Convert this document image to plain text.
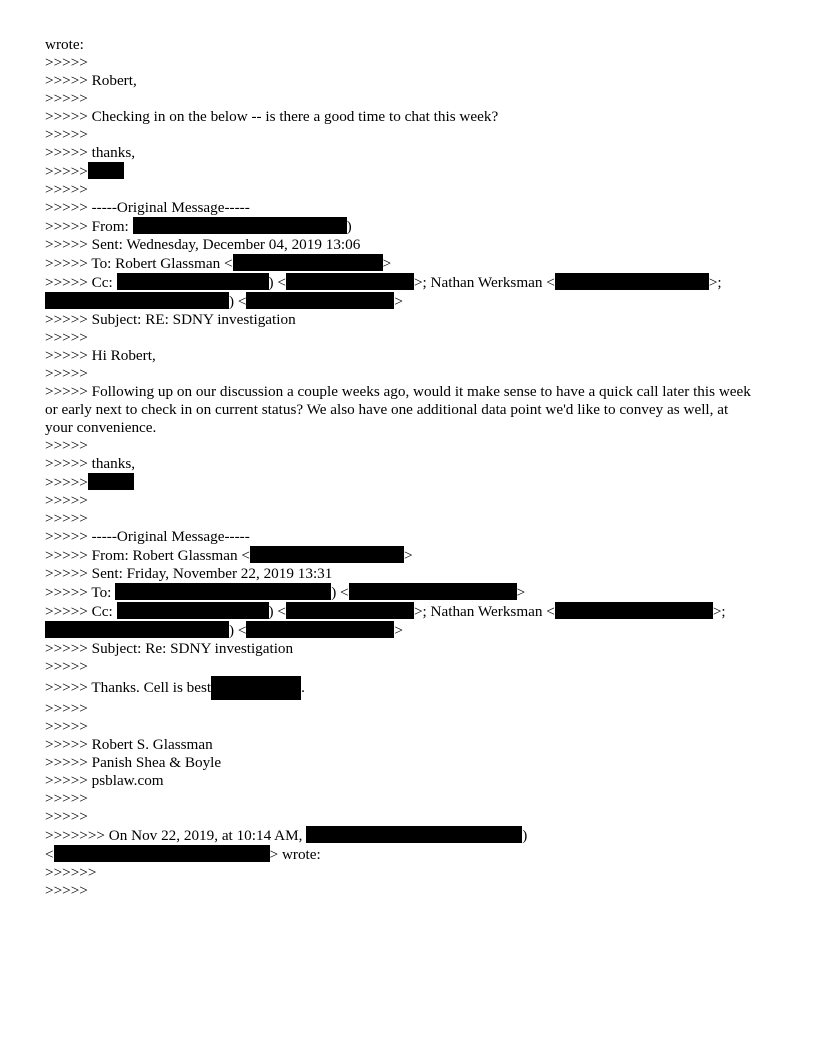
wrote:
>>>>>
>>>>> Robert,
>>>>>
>>>>> Checking in on the below -- is there a good time to chat this week?
>>>>>
>>>>> thanks,
>>>>>
>>>>>
>>>>> -----Original Message-----
>>>>> From:	)
>>>>> Sent: Wednesday, December 04, 2019 13:06
>>>>> To: Robert Glassman <	>
>>>>> Cc:	) <	>; Nathan Werksman <	>;
) <	>
>>>>> Subject: RE: SDNY investigation
>>>>>
>>>>> Hi Robert,
>>>>>
>>>>> Following up on our discussion a couple weeks ago, would it make sense to have a quick call later this week or early next to check in on current status? We also have one additional data point we'd like to convey as well, at your convenience.
>>>>>
>>>>> thanks,
>>>>>
>>>>>
>>>>>
>>>>> -----Original Message-----
>>>>> From: Robert Glassman <	>
>>>>> Sent: Friday, November 22, 2019 13:31
>>>>> To:	) <	>
>>>>> Cc:	) <	>; Nathan Werksman <	>;
) <	>
>>>>> Subject: Re: SDNY investigation
>>>>>
>>>>> Thanks. Cell is best	.
>>>>>
>>>>>
>>>>> Robert S. Glassman
>>>>> Panish Shea & Boyle
>>>>> psblaw.com
>>>>>
>>>>>
>>>>>>> On Nov 22, 2019, at 10:14 AM,	)
<	> wrote:
>>>>>>
>>>>>
